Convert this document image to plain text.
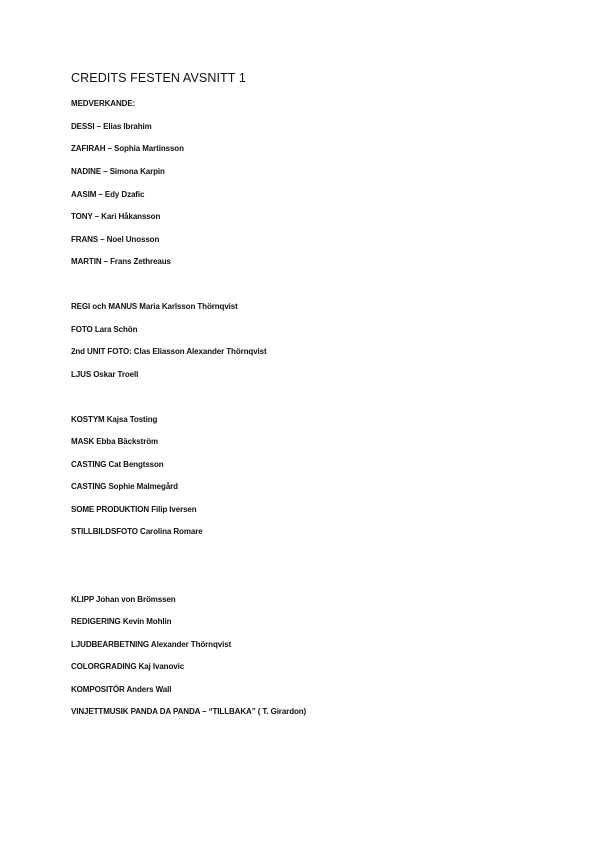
CREDITS FESTEN AVSNITT 1
MEDVERKANDE:
DESSI – Elias Ibrahim
ZAFIRAH – Sophia Martinsson
NADINE – Simona Karpin
AASIM – Edy Dzafic
TONY – Kari Håkansson
FRANS – Noel Unosson
MARTIN – Frans Zethreaus
REGI och MANUS Maria Karlsson Thörnqvist
FOTO Lara Schön
2nd UNIT FOTO: Clas Eliasson Alexander Thörnqvist
LJUS Oskar Troell
KOSTYM Kajsa Tosting
MASK Ebba Bäckström
CASTING Cat Bengtsson
CASTING Sophie Malmegård
SOME PRODUKTION Filip Iversen
STILLBILDSFOTO Carolina Romare
KLIPP Johan von Brömssen
REDIGERING Kevin Mohlin
LJUDBEARBETNING Alexander Thörnqvist
COLORGRADING Kaj Ivanovic
KOMPOSITÖR Anders Wall
VINJETTMUSIK PANDA DA PANDA – “TILLBAKA” ( T. Girardon)
